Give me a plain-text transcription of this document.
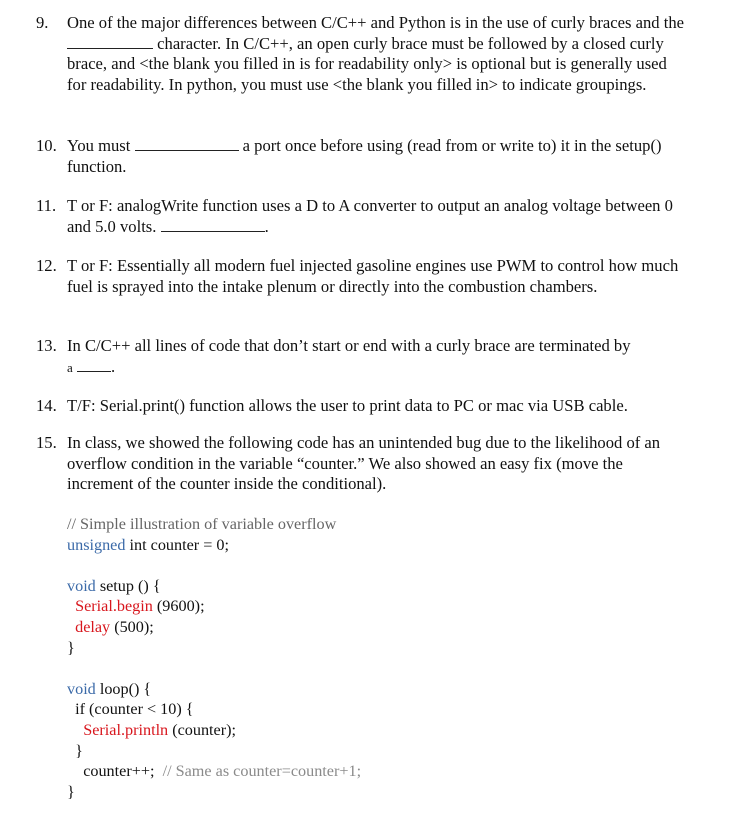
9. One of the major differences between C/C++ and Python is in the use of curly braces and the  character. In C/C++, an open curly brace must be followed by a closed curly brace, and <the blank you filled in is for readability only> is optional but is generally used for readability. In python, you must use <the blank you filled in> to indicate groupings.
10. You must	a port once before using (read from or write to) it in the setup() function.
11. T or F: analogWrite function uses a D to A converter to output an analog voltage between 0 and 5.0 volts.	.
12. T or F: Essentially all modern fuel injected gasoline engines use PWM to control how much fuel is sprayed into the intake plenum or directly into the combustion chambers.
13. In C/C++ all lines of code that don’t start or end with a curly brace are terminated by
a .
14. T/F: Serial.print() function allows the user to print data to PC or mac via USB cable.
15. In class, we showed the following code has an unintended bug due to the likelihood of an overflow condition in the variable “counter.” We also showed an easy fix (move the increment of the counter inside the conditional).
// Simple illustration of variable overflow
unsigned int counter = 0;

void setup () {
Serial.begin (9600);
delay (500);
}

void loop() {
if (counter < 10) {
Serial.println (counter);
}
counter++; // Same as counter=counter+1;
}
